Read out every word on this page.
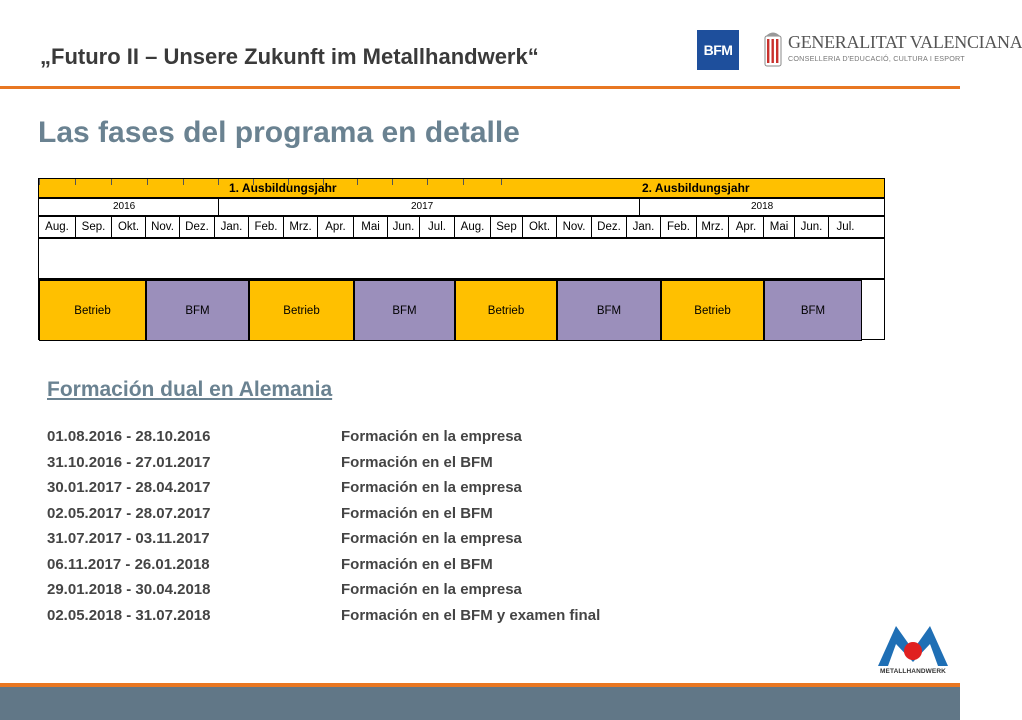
„Futuro II – Unsere Zukunft im Metallhandwerk“	BFM	GENERALITAT VALENCIANA
CONSELLERIA D'EDUCACIÓ, CULTURA I ESPORT
Las fases del programa en detalle
1. Ausbildungsjahr	2. Ausbildungsjahr
2016	2017	2018
Aug.	Sep.	Okt.	Nov. Dez.	Jan.	Feb.	Mrz.	Apr.	Mai	Jun.	Jul.	Aug.	Sep	Okt.	Nov.	Dez.	Jan.	Feb. Mrz.	Apr.	Mai	Jun.	Jul.
Betrieb	BFM	Betrieb	BFM	Betrieb	BFM	Betrieb	BFM
Formación dual en Alemania
01.08.2016 - 28.10.2016	Formación en la empresa
31.10.2016 - 27.01.2017	Formación en el BFM
30.01.2017 - 28.04.2017	Formación en la empresa
02.05.2017 - 28.07.2017	Formación en el BFM
31.07.2017 - 03.11.2017	Formación en la empresa
06.11.2017 - 26.01.2018	Formación en el BFM
29.01.2018 - 30.04.2018	Formación en la empresa
02.05.2018 - 31.07.2018	Formación en el BFM y examen final
METALLHANDWERK
